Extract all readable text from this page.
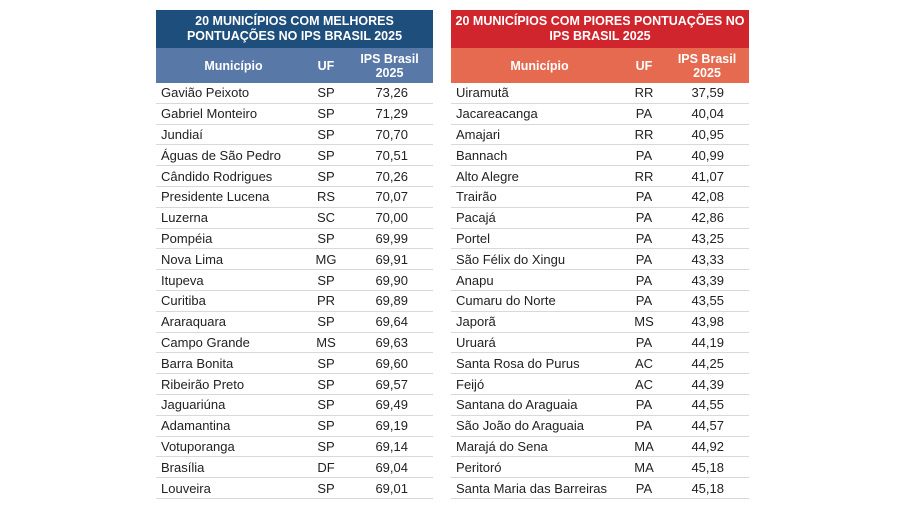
20 MUNICÍPIOS COM MELHORES PONTUAÇÕES NO IPS BRASIL 2025
Município	UF	IPS Brasil 2025
Gavião Peixoto	SP	73,26
Gabriel Monteiro	SP	71,29
Jundiaí	SP	70,70
Águas de São Pedro	SP	70,51
Cândido Rodrigues	SP	70,26
Presidente Lucena	RS	70,07
Luzerna	SC	70,00
Pompéia	SP	69,99
Nova Lima	MG	69,91
Itupeva	SP	69,90
Curitiba	PR	69,89
Araraquara	SP	69,64
Campo Grande	MS	69,63
Barra Bonita	SP	69,60
Ribeirão Preto	SP	69,57
Jaguariúna	SP	69,49
Adamantina	SP	69,19
Votuporanga	SP	69,14
Brasília	DF	69,04
Louveira	SP	69,01
20 MUNICÍPIOS COM PIORES PONTUAÇÕES NO IPS BRASIL 2025
Município	UF	IPS Brasil 2025
Uiramutã	RR	37,59
Jacareacanga	PA	40,04
Amajari	RR	40,95
Bannach	PA	40,99
Alto Alegre	RR	41,07
Trairão	PA	42,08
Pacajá	PA	42,86
Portel	PA	43,25
São Félix do Xingu	PA	43,33
Anapu	PA	43,39
Cumaru do Norte	PA	43,55
Japorã	MS	43,98
Uruará	PA	44,19
Santa Rosa do Purus	AC	44,25
Feijó	AC	44,39
Santana do Araguaia	PA	44,55
São João do Araguaia	PA	44,57
Marajá do Sena	MA	44,92
Peritoró	MA	45,18
Santa Maria das Barreiras	PA	45,18
